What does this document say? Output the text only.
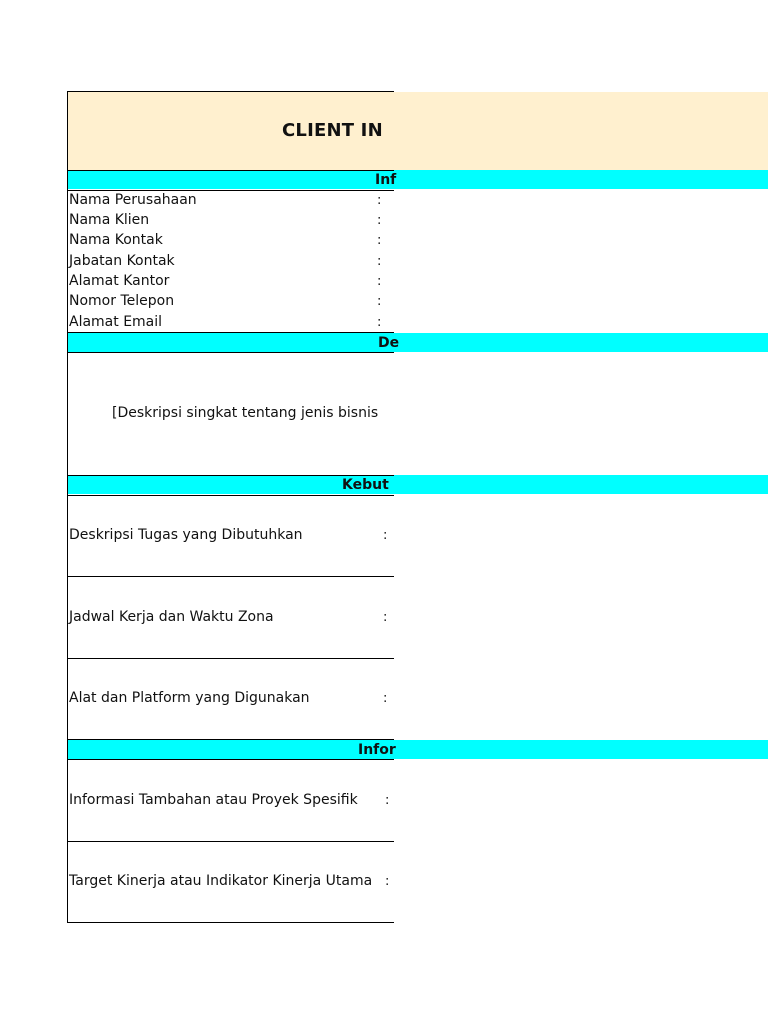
CLIENT IN
Inf
Nama Perusahaan	:
Nama Klien	:
Nama Kontak	:
Jabatan Kontak	:
Alamat Kantor	:
Nomor Telepon	:
Alamat Email	:
De
[Deskripsi singkat tentang jenis bisnis
Kebut
Deskripsi Tugas yang Dibutuhkan	:
Jadwal Kerja dan Waktu Zona	:
Alat dan Platform yang Digunakan	:
Infor
Informasi Tambahan atau Proyek Spesifik :
Target Kinerja atau Indikator Kinerja Utama :
